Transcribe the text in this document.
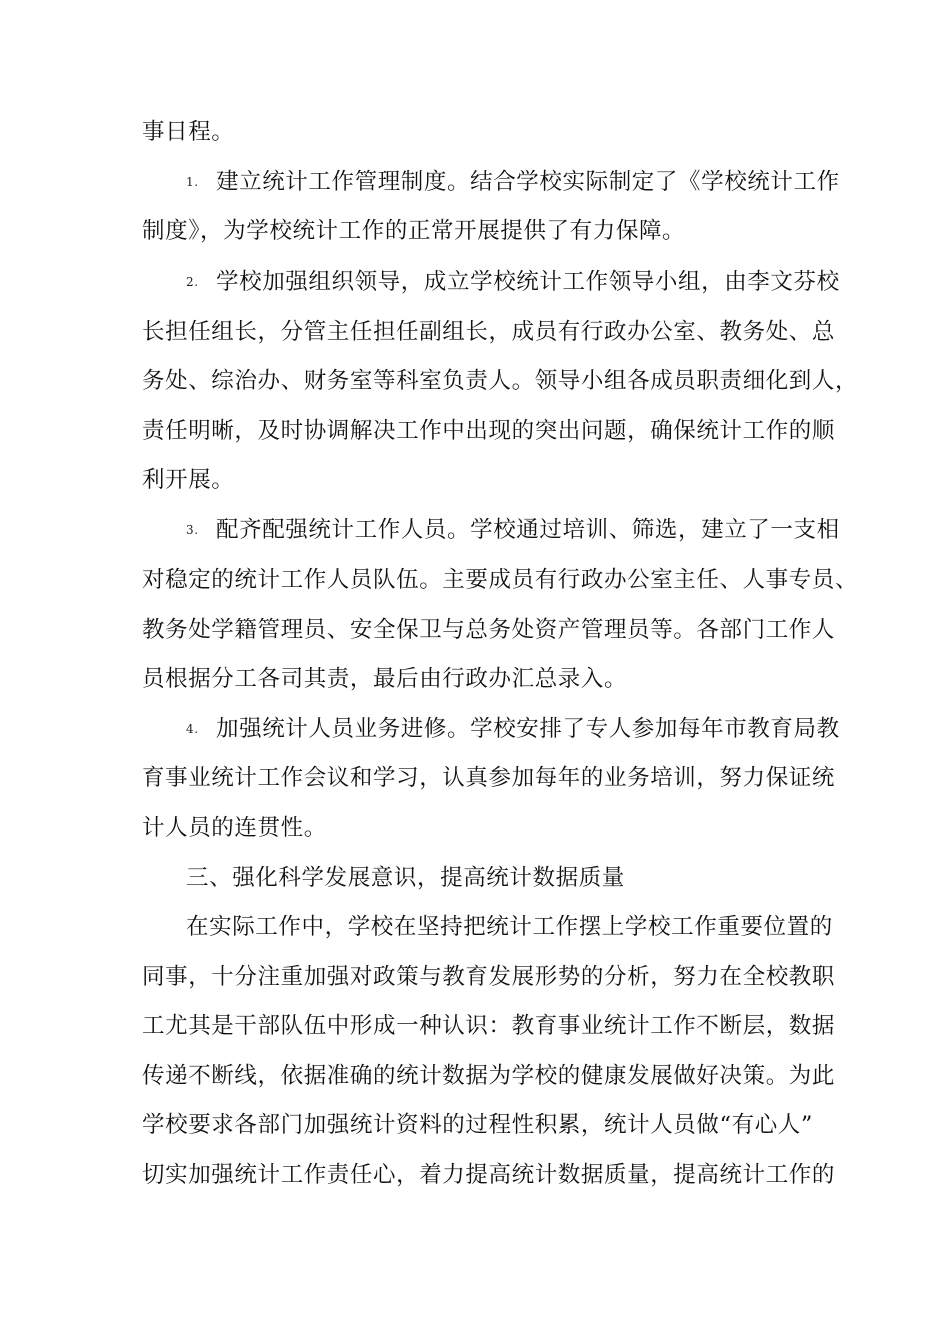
事日程。
1. 建立统计工作管理制度。结合学校实际制定了《学校统计工作
制度》，为学校统计工作的正常开展提供了有力保障。
2. 学校加强组织领导，成立学校统计工作领导小组，由李文芬校
长担任组长，分管主任担任副组长，成员有行政办公室、教务处、总
务处、综治办、财务室等科室负责人。领导小组各成员职责细化到人，
责任明晰，及时协调解决工作中出现的突出问题，确保统计工作的顺
利开展。
3. 配齐配强统计工作人员。学校通过培训、筛选，建立了一支相
对稳定的统计工作人员队伍。主要成员有行政办公室主任、人事专员、
教务处学籍管理员、安全保卫与总务处资产管理员等。各部门工作人
员根据分工各司其责，最后由行政办汇总录入。
4. 加强统计人员业务进修。学校安排了专人参加每年市教育局教
育事业统计工作会议和学习，认真参加每年的业务培训，努力保证统
计人员的连贯性。
三、强化科学发展意识，提高统计数据质量
在实际工作中，学校在坚持把统计工作摆上学校工作重要位置的
同事，十分注重加强对政策与教育发展形势的分析，努力在全校教职
工尤其是干部队伍中形成一种认识：教育事业统计工作不断层，数据
传递不断线，依据准确的统计数据为学校的健康发展做好决策。为此
学校要求各部门加强统计资料的过程性积累，统计人员做“有心人”
切实加强统计工作责任心，着力提高统计数据质量，提高统计工作的
